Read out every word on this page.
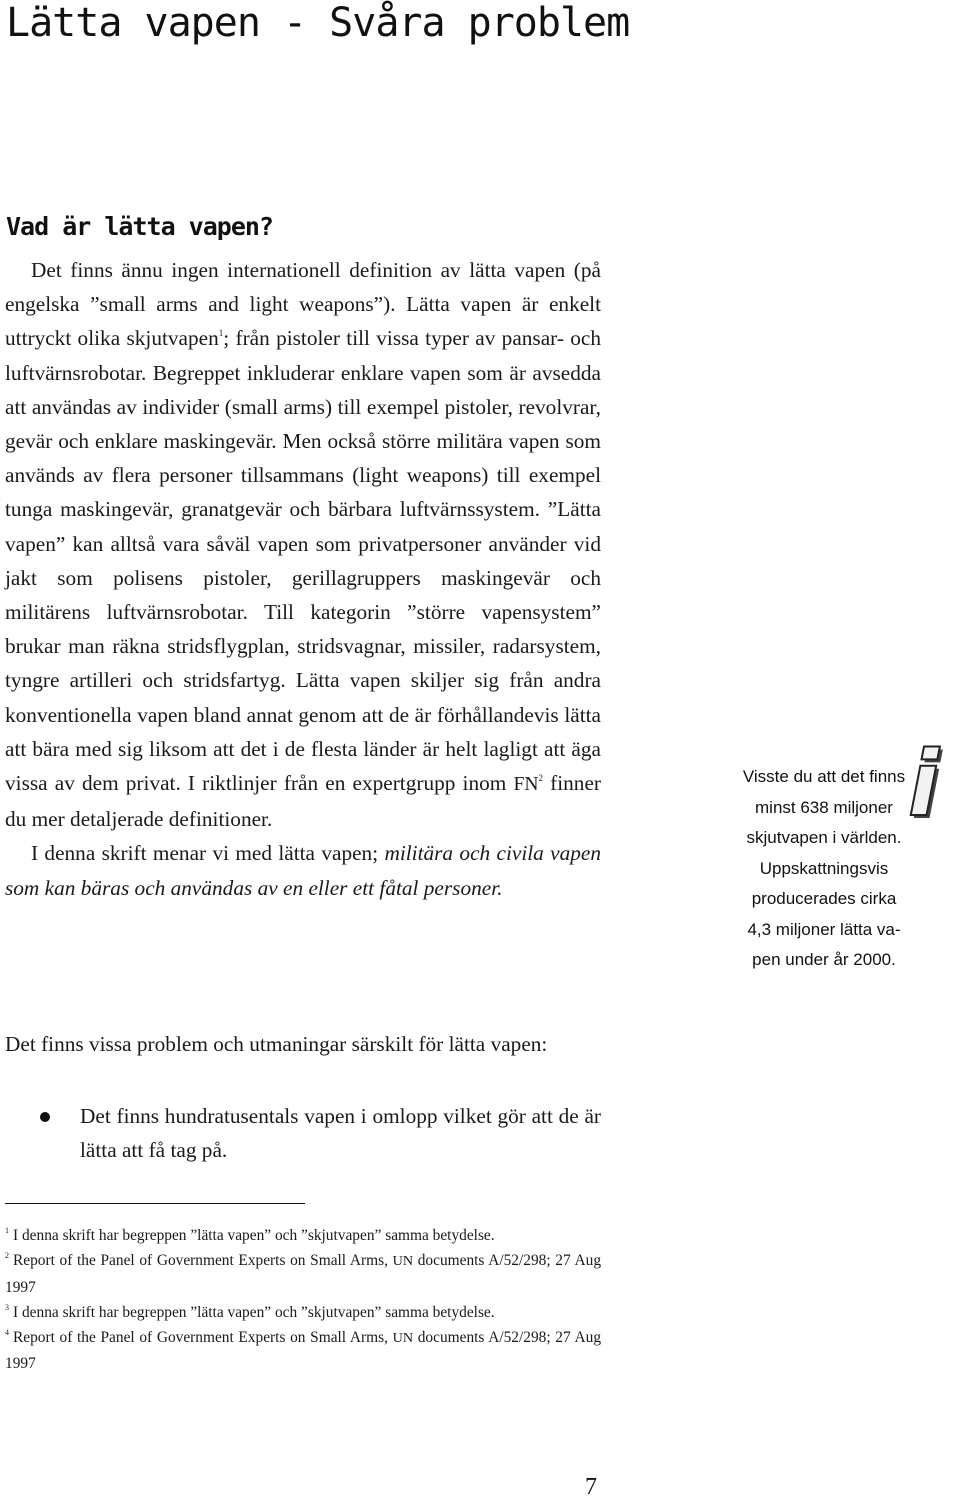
Lätta vapen - Svåra problem
Vad är lätta vapen?

Det finns ännu ingen internationell definition av lätta vapen (på engelska ”small arms and light weapons”). Lätta vapen är enkelt uttryckt olika skjutvapen$^1$; från pistoler till vissa typer av pansar- och luftvärnsrobotar. Begreppet inkluderar enklare vapen som är avsedda att användas av individer (small arms) till exempel pistoler, revolvrar, gevär och enklare maskingevär. Men också större militära vapen som används av flera personer tillsammans (light weapons) till exempel tunga maskingevär, granatgevär och bärbara luftvärnssystem. ”Lätta vapen” kan alltså vara såväl vapen som privatpersoner använder vid jakt som polisens pistoler, gerillagruppers maskingevär och militärens luftvärnsrobotar. Till kategorin ”större vapensystem” brukar man räkna stridsflygplan, stridsvagnar, missiler, radarsystem, tyngre artilleri och stridsfartyg. Lätta vapen skiljer sig från andra konventionella vapen bland annat genom att de är förhållandevis lätta att bära med sig liksom att det i de flesta länder är helt lagligt att äga vissa av dem privat. I riktlinjer från en expertgrupp inom $FN^2$ finner du mer detaljerade definitioner.

I denna skrift menar vi med lätta vapen; militära och civila vapen som kan bäras och användas av en eller ett fåtal personer.

Visste du att det finns
minst 638 miljoner
skjutvapen i världen.
Uppskattningsvis
producerades cirka
4,3 miljoner lätta va-
pen under år 2000.
i

Det finns vissa problem och utmaningar särskilt för lätta vapen:

Det finns hundratusentals vapen i omlopp vilket gör att de är lätta att få tag på.
$^1$ I denna skrift har begreppen ”lätta vapen” och ”skjutvapen” samma betydelse.
$^2$ Report of the Panel of Government Experts on Small Arms, UN documents A/52/298; 27 Aug 1997
$^3$ I denna skrift har begreppen ”lätta vapen” och ”skjutvapen” samma betydelse.
$^4$ Report of the Panel of Government Experts on Small Arms, UN documents A/52/298; 27 Aug 1997
7
